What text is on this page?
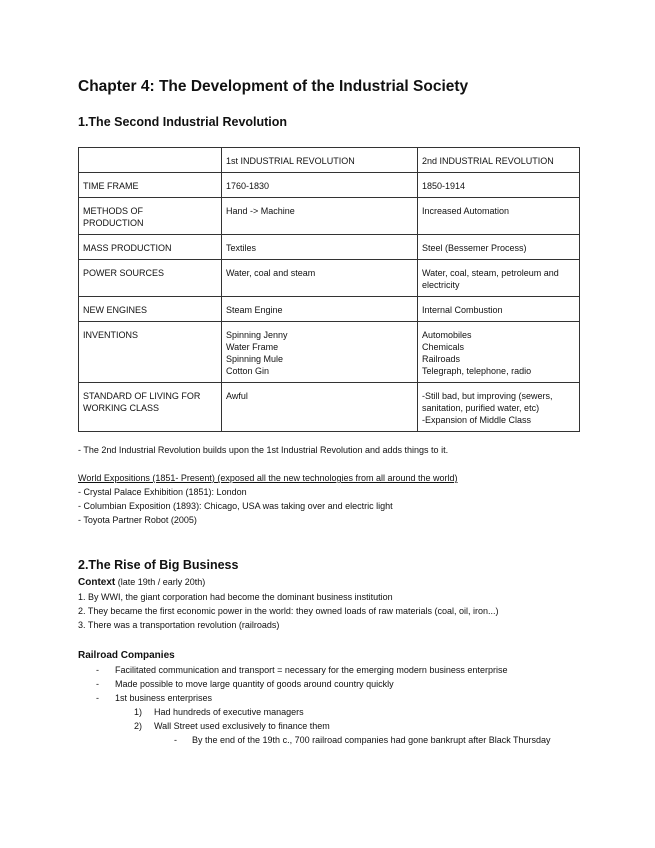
Chapter 4: The Development of the Industrial Society
1.The Second Industrial Revolution
	1st INDUSTRIAL REVOLUTION	2nd INDUSTRIAL REVOLUTION

TIME FRAME	1760-1830	1850-1914

METHODS OF
PRODUCTION	Hand -> Machine	Increased Automation

MASS PRODUCTION	Textiles	Steel (Bessemer Process)

POWER SOURCES	Water, coal and steam	Water, coal, steam, petroleum and
electricity

NEW ENGINES	Steam Engine	Internal Combustion

INVENTIONS	Spinning Jenny
Water Frame
Spinning Mule
Cotton Gin	Automobiles
Chemicals
Railroads
Telegraph, telephone, radio

STANDARD OF LIVING FOR
WORKING CLASS	Awful	-Still bad, but improving (sewers,
sanitation, purified water, etc)
-Expansion of Middle Class
- The 2nd Industrial Revolution builds upon the 1st Industrial Revolution and adds things to it.
World Expositions (1851- Present) (exposed all the new technologies from all around the world)
- Crystal Palace Exhibition (1851): London
- Columbian Exposition (1893): Chicago, USA was taking over and electric light
- Toyota Partner Robot (2005)
2.The Rise of Big Business
Context (late 19th / early 20th)
1. By WWI, the giant corporation had become the dominant business institution
2. They became the first economic power in the world: they owned loads of raw materials (coal, oil, iron...)
3. There was a transportation revolution (railroads)
Railroad Companies
- Facilitated communication and transport = necessary for the emerging modern business enterprise
- Made possible to move large quantity of goods around country quickly
- 1st business enterprises
1) Had hundreds of executive managers
2) Wall Street used exclusively to finance them
- By the end of the 19th c., 700 railroad companies had gone bankrupt after Black Thursday
